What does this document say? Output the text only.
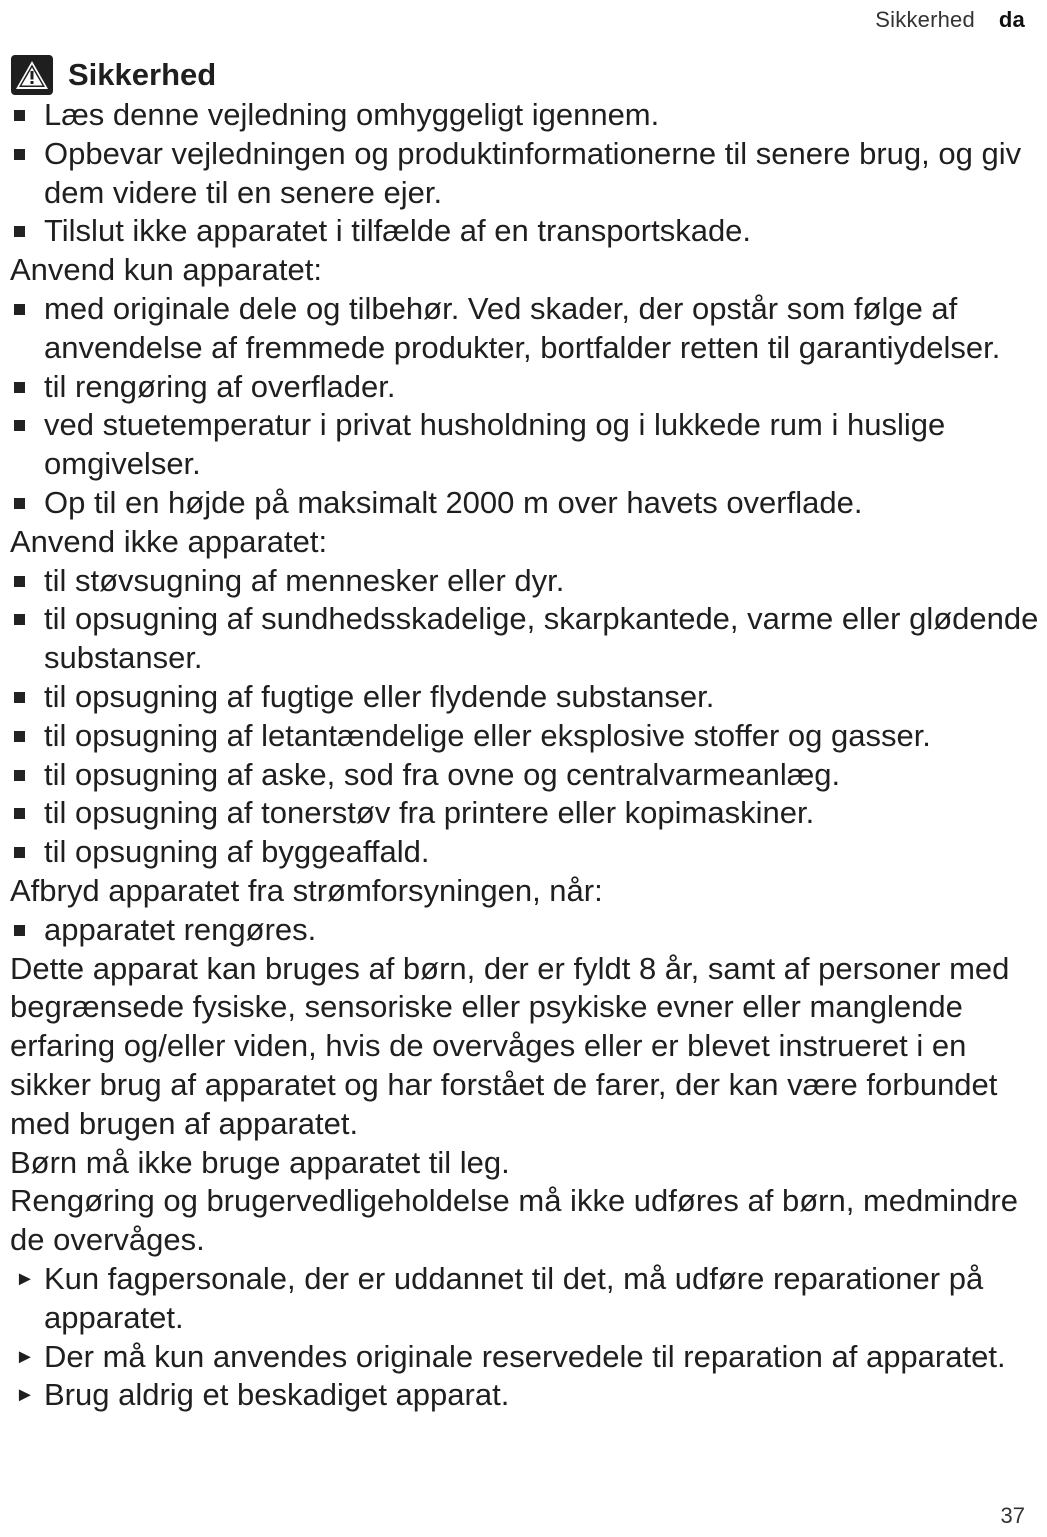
Sikkerhed da
Sikkerhed
Læs denne vejledning omhyggeligt igennem.
Opbevar vejledningen og produktinformationerne til senere brug, og giv dem videre til en senere ejer.
Tilslut ikke apparatet i tilfælde af en transportskade.
Anvend kun apparatet:
med originale dele og tilbehør. Ved skader, der opstår som følge af anvendelse af fremmede produkter, bortfalder retten til garantiydelser.
til rengøring af overflader.
ved stuetemperatur i privat husholdning og i lukkede rum i huslige omgivelser.
Op til en højde på maksimalt 2000 m over havets overflade.
Anvend ikke apparatet:
til støvsugning af mennesker eller dyr.
til opsugning af sundhedsskadelige, skarpkantede, varme eller glødende substanser.
til opsugning af fugtige eller flydende substanser.
til opsugning af letantændelige eller eksplosive stoffer og gasser.
til opsugning af aske, sod fra ovne og centralvarmeanlæg.
til opsugning af tonerstøv fra printere eller kopimaskiner.
til opsugning af byggeaffald.
Afbryd apparatet fra strømforsyningen, når:
apparatet rengøres.
Dette apparat kan bruges af børn, der er fyldt 8 år, samt af personer med begrænsede fysiske, sensoriske eller psykiske evner eller manglende erfaring og/eller viden, hvis de overvåges eller er blevet instrueret i en sikker brug af apparatet og har forstået de farer, der kan være forbundet med brugen af apparatet.
Børn må ikke bruge apparatet til leg.
Rengøring og brugervedligeholdelse må ikke udføres af børn, medmindre de overvåges.
► Kun fagpersonale, der er uddannet til det, må udføre reparationer på apparatet.
► Der må kun anvendes originale reservedele til reparation af apparatet.
► Brug aldrig et beskadiget apparat.
37
